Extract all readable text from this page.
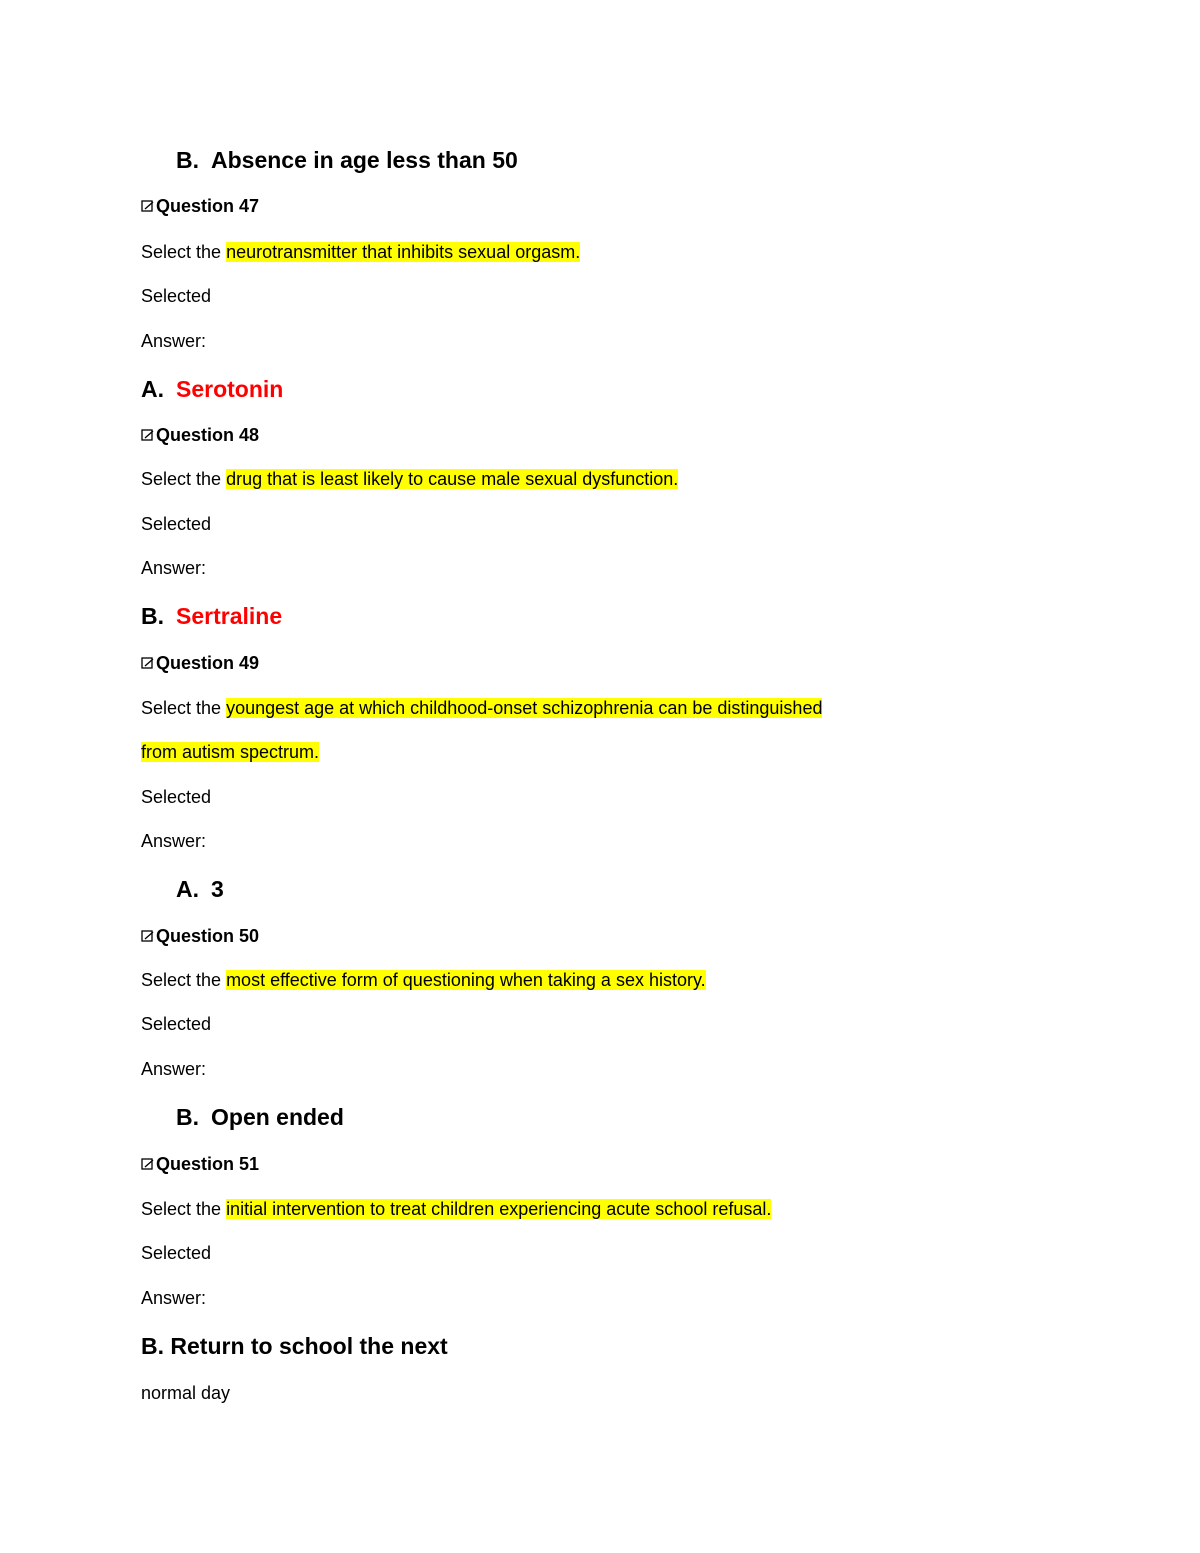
B. Absence in age less than 50
Question 47
Select the neurotransmitter that inhibits sexual orgasm.
Selected
Answer:
A. Serotonin
Question 48
Select the drug that is least likely to cause male sexual dysfunction.
Selected
Answer:
B. Sertraline
Question 49
Select the youngest age at which childhood-onset schizophrenia can be distinguished
from autism spectrum.
Selected
Answer:
A. 3
Question 50
Select the most effective form of questioning when taking a sex history.
Selected
Answer:
B. Open ended
Question 51
Select the initial intervention to treat children experiencing acute school refusal.
Selected
Answer:
B. Return to school the next
normal day
